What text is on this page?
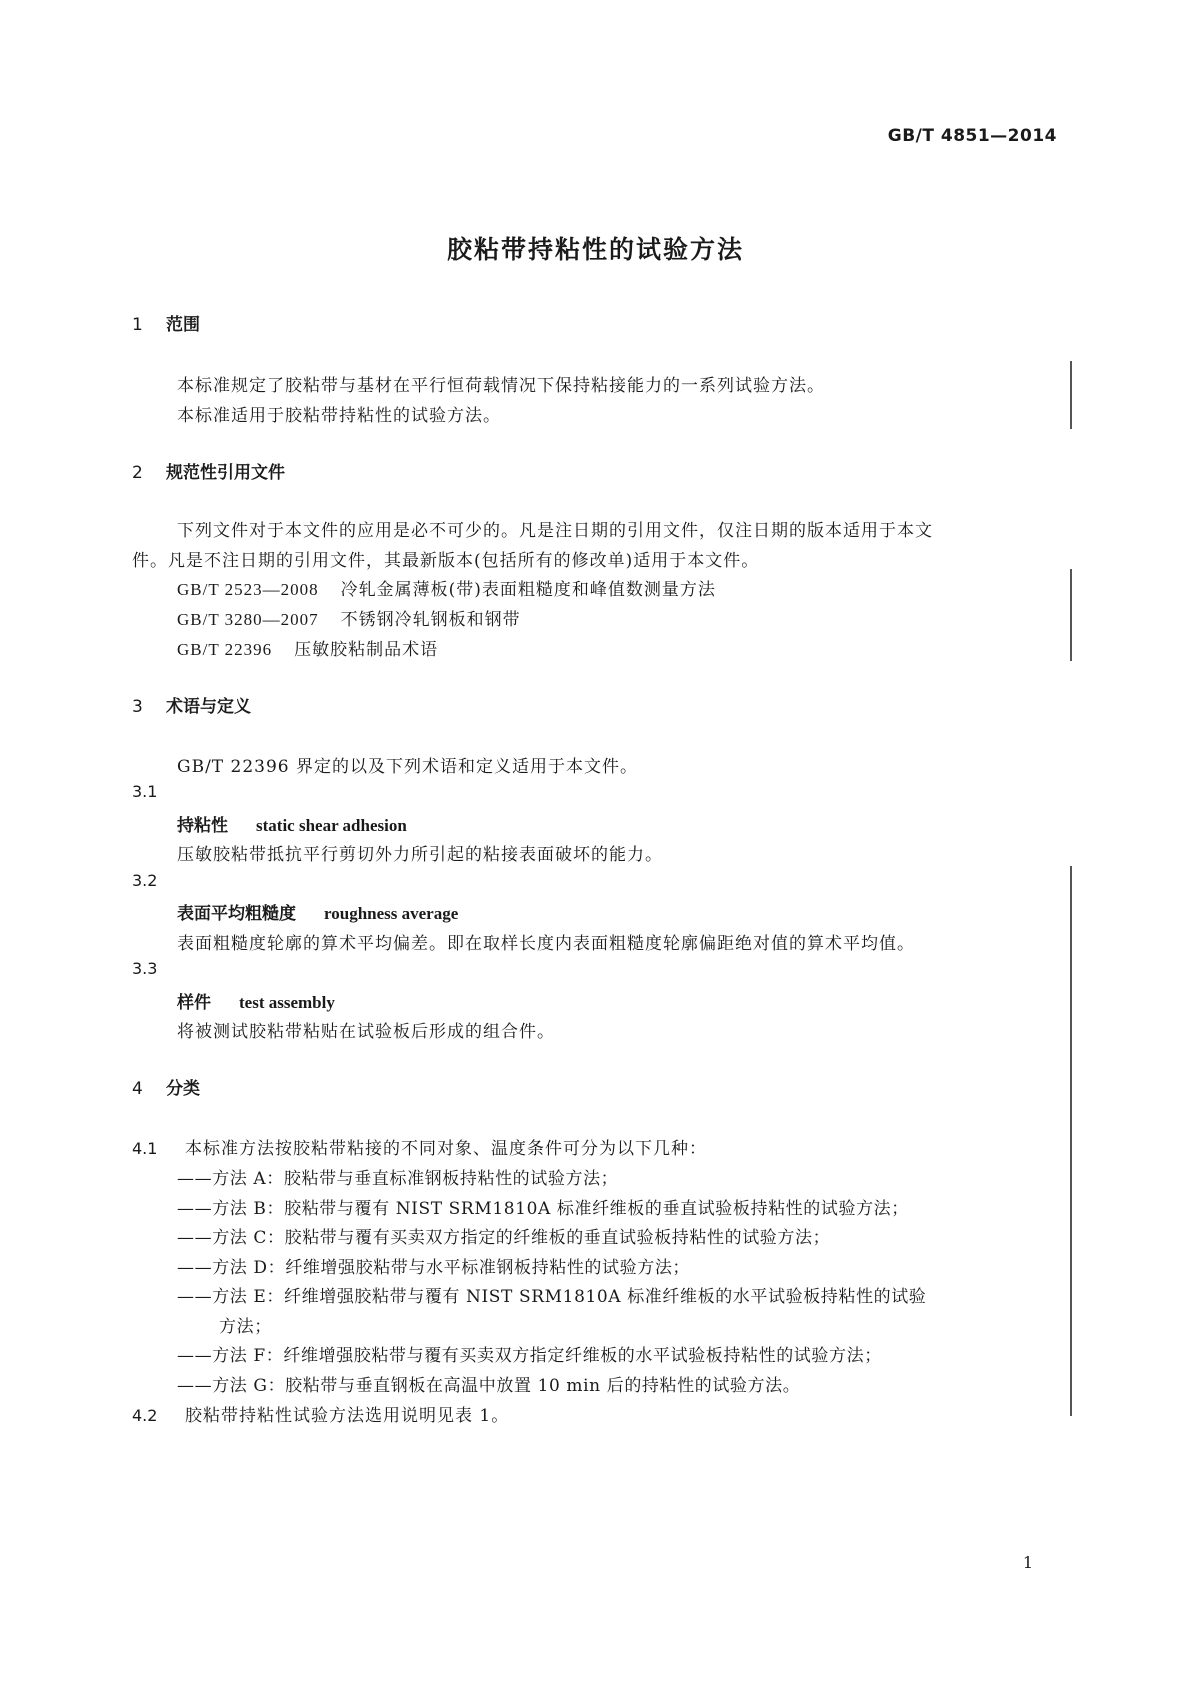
GB/T 4851—2014
胶粘带持粘性的试验方法
1 范围
本标准规定了胶粘带与基材在平行恒荷载情况下保持粘接能力的一系列试验方法。
本标准适用于胶粘带持粘性的试验方法。
2 规范性引用文件
下列文件对于本文件的应用是必不可少的。凡是注日期的引用文件，仅注日期的版本适用于本文
件。凡是不注日期的引用文件，其最新版本(包括所有的修改单)适用于本文件。
GB/T 2523—2008 冷轧金属薄板(带)表面粗糙度和峰值数测量方法
GB/T 3280—2007 不锈钢冷轧钢板和钢带
GB/T 22396 压敏胶粘制品术语
3 术语与定义
GB/T 22396 界定的以及下列术语和定义适用于本文件。
3.1
持粘性 static shear adhesion
压敏胶粘带抵抗平行剪切外力所引起的粘接表面破坏的能力。
3.2
表面平均粗糙度 roughness average
表面粗糙度轮廓的算术平均偏差。即在取样长度内表面粗糙度轮廓偏距绝对值的算术平均值。
3.3
样件 test assembly
将被测试胶粘带粘贴在试验板后形成的组合件。
4 分类
4.1 本标准方法按胶粘带粘接的不同对象、温度条件可分为以下几种：
——方法 A：胶粘带与垂直标准钢板持粘性的试验方法；
——方法 B：胶粘带与覆有 NIST SRM1810A 标准纤维板的垂直试验板持粘性的试验方法；
——方法 C：胶粘带与覆有买卖双方指定的纤维板的垂直试验板持粘性的试验方法；
——方法 D：纤维增强胶粘带与水平标准钢板持粘性的试验方法；
——方法 E：纤维增强胶粘带与覆有 NIST SRM1810A 标准纤维板的水平试验板持粘性的试验
方法；
——方法 F：纤维增强胶粘带与覆有买卖双方指定纤维板的水平试验板持粘性的试验方法；
——方法 G：胶粘带与垂直钢板在高温中放置 10 min 后的持粘性的试验方法。
4.2 胶粘带持粘性试验方法选用说明见表 1。
1
